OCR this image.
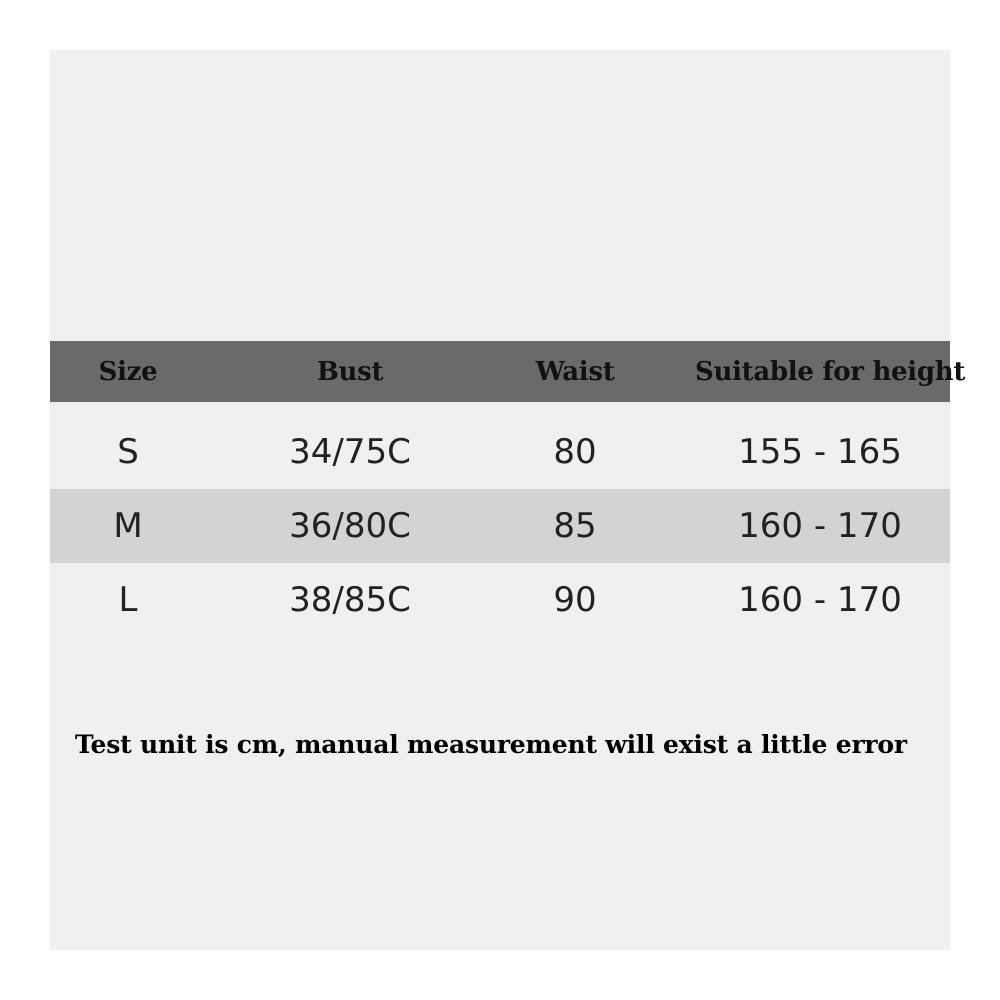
Size	Bust	Waist	Suitable for height
S	34/75C	80	155 - 165
M	36/80C	85	160 - 170
L	38/85C	90	160 - 170
Test unit is cm, manual measurement will exist a little error
